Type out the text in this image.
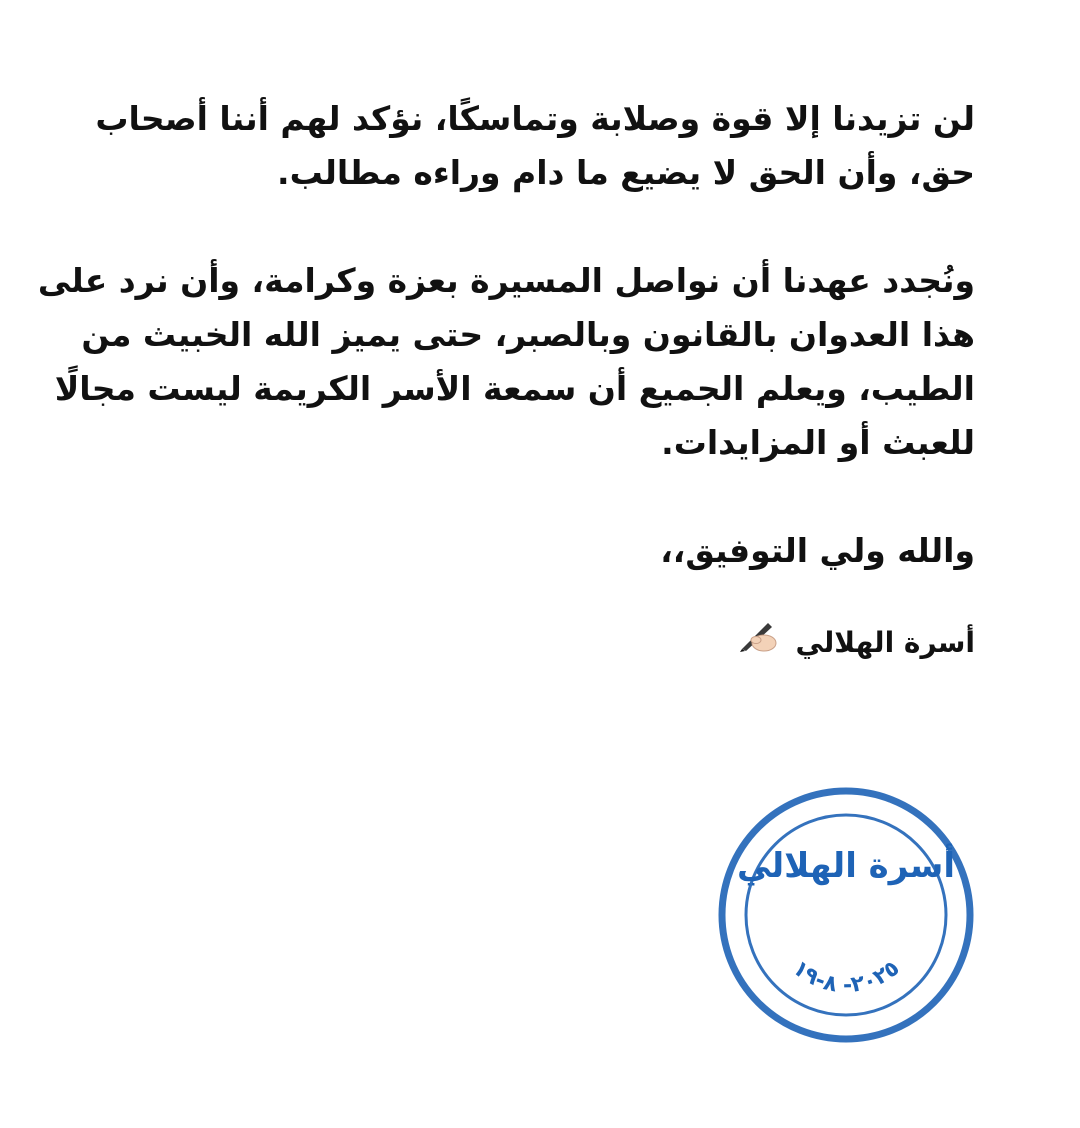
لن تزيدنا إلا قوة وصلابة وتماسكًا، نؤكد لهم أننا أصحاب
حق، وأن الحق لا يضيع ما دام وراءه مطالب.
ونُجدد عهدنا أن نواصل المسيرة بعزة وكرامة، وأن نرد على
هذا العدوان بالقانون وبالصبر، حتى يميز الله الخبيث من
الطيب، ويعلم الجميع أن سمعة الأسر الكريمة ليست مجالًا
للعبث أو المزايدات.
والله ولي التوفيق،،
أسرة الهلالي
أسرة الهلالي
٢٠٢٥- ٨-١٩
